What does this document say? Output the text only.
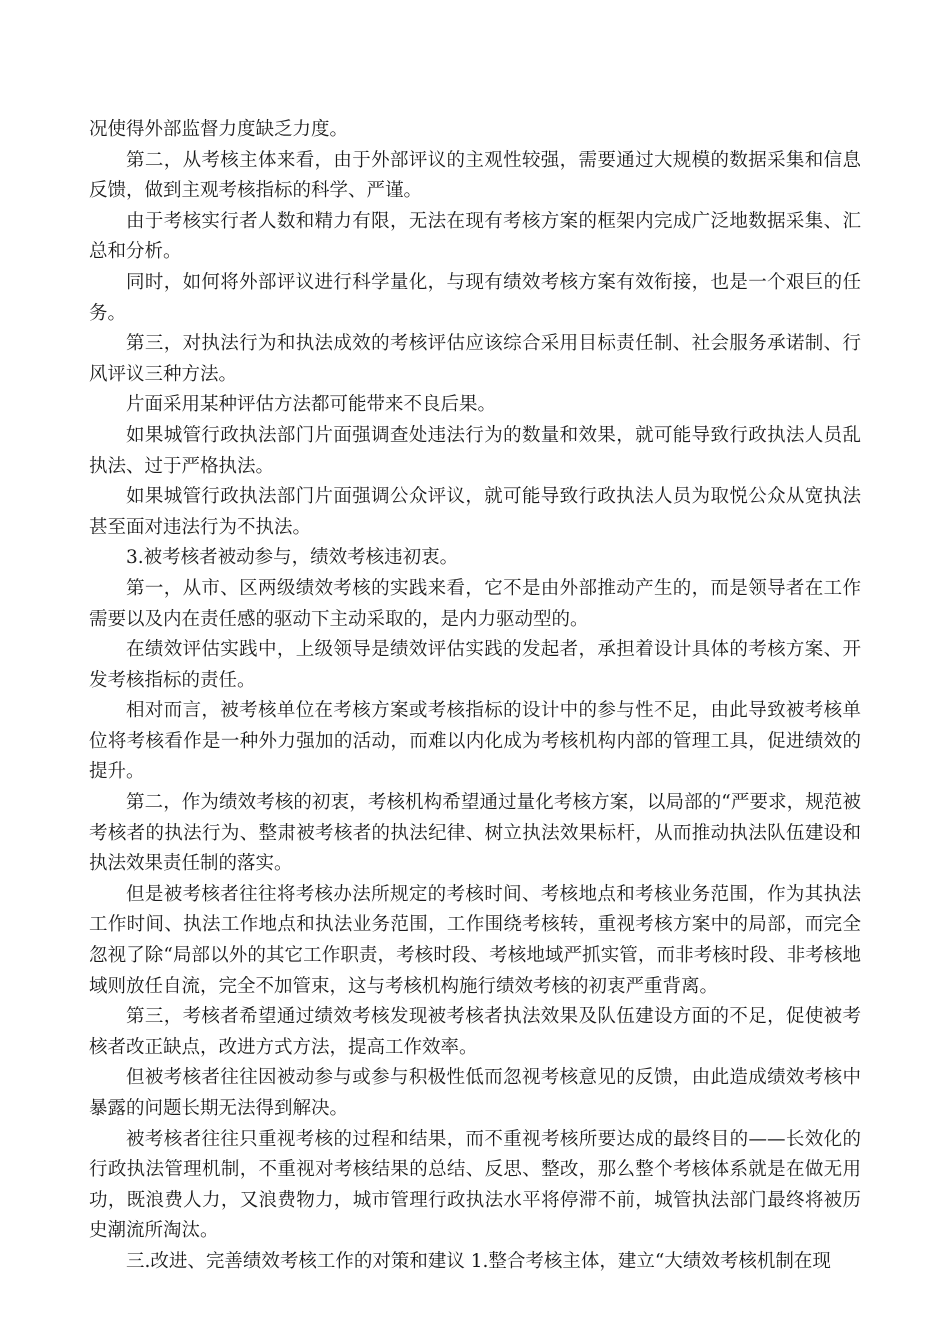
况使得外部监督力度缺乏力度。

第二，从考核主体来看，由于外部评议的主观性较强，需要通过大规模的数据采集和信息反馈，做到主观考核指标的科学、严谨。

由于考核实行者人数和精力有限，无法在现有考核方案的框架内完成广泛地数据采集、汇总和分析。

同时，如何将外部评议进行科学量化，与现有绩效考核方案有效衔接，也是一个艰巨的任务。

第三，对执法行为和执法成效的考核评估应该综合采用目标责任制、社会服务承诺制、行风评议三种方法。

片面采用某种评估方法都可能带来不良后果。

如果城管行政执法部门片面强调查处违法行为的数量和效果，就可能导致行政执法人员乱执法、过于严格执法。

如果城管行政执法部门片面强调公众评议，就可能导致行政执法人员为取悦公众从宽执法甚至面对违法行为不执法。

3.被考核者被动参与，绩效考核违初衷。

第一，从市、区两级绩效考核的实践来看，它不是由外部推动产生的，而是领导者在工作需要以及内在责任感的驱动下主动采取的，是内力驱动型的。

在绩效评估实践中，上级领导是绩效评估实践的发起者，承担着设计具体的考核方案、开发考核指标的责任。

相对而言，被考核单位在考核方案或考核指标的设计中的参与性不足，由此导致被考核单位将考核看作是一种外力强加的活动，而难以内化成为考核机构内部的管理工具，促进绩效的提升。

第二，作为绩效考核的初衷，考核机构希望通过量化考核方案，以局部的“严要求，规范被考核者的执法行为、整肃被考核者的执法纪律、树立执法效果标杆，从而推动执法队伍建设和执法效果责任制的落实。

但是被考核者往往将考核办法所规定的考核时间、考核地点和考核业务范围，作为其执法工作时间、执法工作地点和执法业务范围，工作围绕考核转，重视考核方案中的局部，而完全忽视了除“局部以外的其它工作职责，考核时段、考核地域严抓实管，而非考核时段、非考核地域则放任自流，完全不加管束，这与考核机构施行绩效考核的初衷严重背离。

第三，考核者希望通过绩效考核发现被考核者执法效果及队伍建设方面的不足，促使被考核者改正缺点，改进方式方法，提高工作效率。

但被考核者往往因被动参与或参与积极性低而忽视考核意见的反馈，由此造成绩效考核中暴露的问题长期无法得到解决。

被考核者往往只重视考核的过程和结果，而不重视考核所要达成的最终目的——长效化的行政执法管理机制，不重视对考核结果的总结、反思、整改，那么整个考核体系就是在做无用功，既浪费人力，又浪费物力，城市管理行政执法水平将停滞不前，城管执法部门最终将被历史潮流所淘汰。

三.改进、完善绩效考核工作的对策和建议 1.整合考核主体，建立“大绩效考核机制在现
